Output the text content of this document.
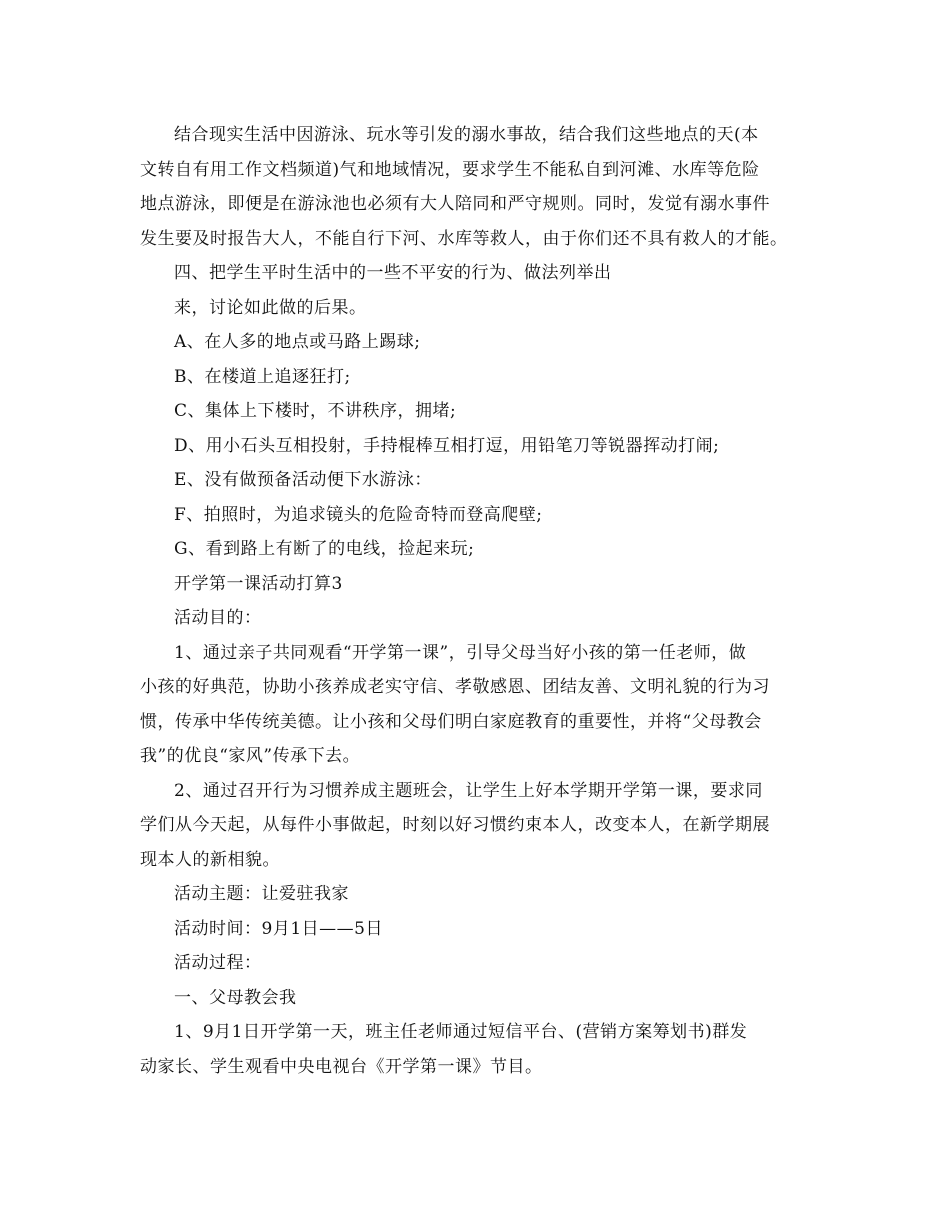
结合现实生活中因游泳、玩水等引发的溺水事故，结合我们这些地点的天(本
文转自有用工作文档频道)气和地域情况，要求学生不能私自到河滩、水库等危险
地点游泳，即便是在游泳池也必须有大人陪同和严守规则。同时，发觉有溺水事件
发生要及时报告大人，不能自行下河、水库等救人，由于你们还不具有救人的才能。
四、把学生平时生活中的一些不平安的行为、做法列举出
来，讨论如此做的后果。
A、在人多的地点或马路上踢球;
B、在楼道上追逐狂打;
C、集体上下楼时，不讲秩序，拥堵;
D、用小石头互相投射，手持棍棒互相打逗，用铅笔刀等锐器挥动打闹;
E、没有做预备活动便下水游泳：
F、拍照时，为追求镜头的危险奇特而登高爬壁;
G、看到路上有断了的电线，捡起来玩;
开学第一课活动打算3
活动目的：
1、通过亲子共同观看“开学第一课”，引导父母当好小孩的第一任老师，做
小孩的好典范，协助小孩养成老实守信、孝敬感恩、团结友善、文明礼貌的行为习
惯，传承中华传统美德。让小孩和父母们明白家庭教育的重要性，并将“父母教会
我”的优良“家风”传承下去。
2、通过召开行为习惯养成主题班会，让学生上好本学期开学第一课，要求同
学们从今天起，从每件小事做起，时刻以好习惯约束本人，改变本人，在新学期展
现本人的新相貌。
活动主题：让爱驻我家
活动时间：9月1日——5日
活动过程：
一、父母教会我
1、9月1日开学第一天，班主任老师通过短信平台、(营销方案筹划书)群发
动家长、学生观看中央电视台《开学第一课》节目。
